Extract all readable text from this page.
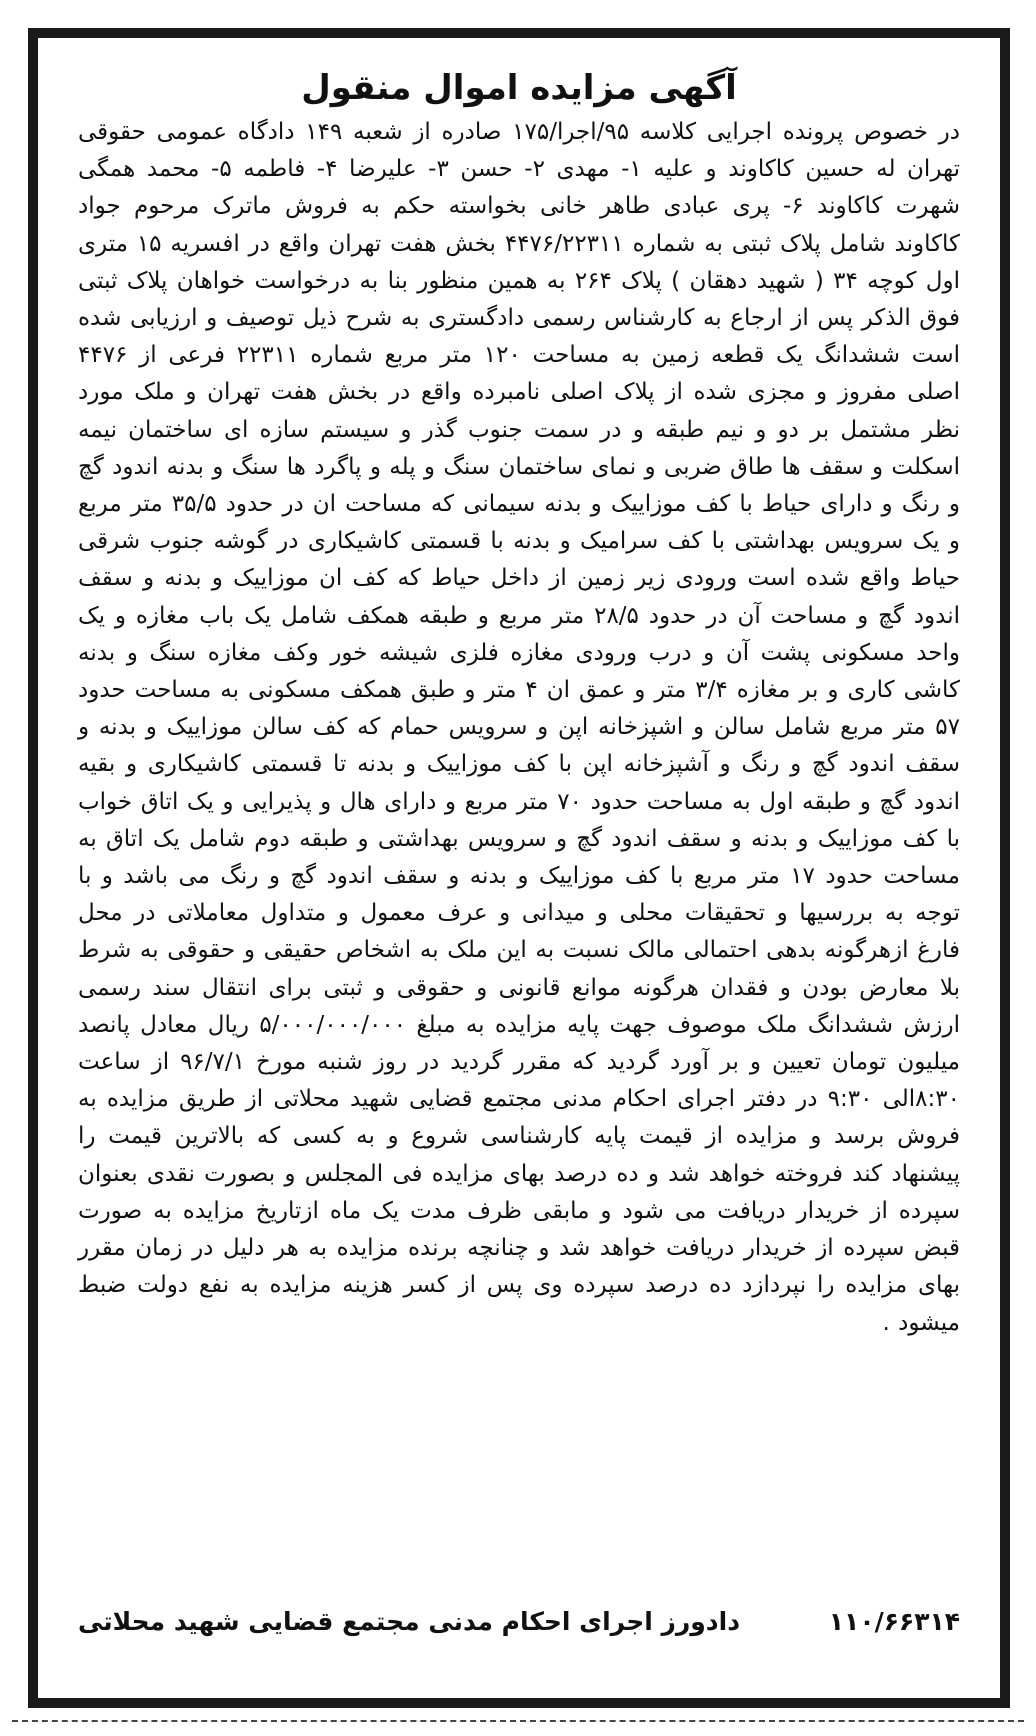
آگهی مزایده اموال منقول

در خصوص پرونده اجرایی کلاسه ۹۵/اجرا/۱۷۵ صادره از شعبه ۱۴۹ دادگاه عمومی حقوقی تهران له حسین کاکاوند و علیه ۱- مهدی ۲- حسن ۳- علیرضا ۴- فاطمه ۵- محمد همگی شهرت کاکاوند ۶- پری عبادی طاهر خانی بخواسته حکم به فروش ماترک مرحوم جواد کاکاوند شامل پلاک ثبتی به شماره ۴۴۷۶/۲۲۳۱۱ بخش هفت تهران واقع در افسریه ۱۵ متری اول کوچه ۳۴ ( شهید دهقان ) پلاک ۲۶۴ به همین منظور بنا به درخواست خواهان پلاک ثبتی فوق الذکر پس از ارجاع به کارشناس رسمی دادگستری به شرح ذیل توصیف و ارزیابی شده است ششدانگ یک قطعه زمین به مساحت ۱۲۰ متر مربع شماره ۲۲۳۱۱ فرعی از ۴۴۷۶ اصلی مفروز و مجزی شده از پلاک اصلی نامبرده واقع در بخش هفت تهران و ملک مورد نظر مشتمل بر دو و نیم طبقه و در سمت جنوب گذر و سیستم سازه ای ساختمان نیمه اسکلت و سقف ها طاق ضربی و نمای ساختمان سنگ و پله و پاگرد ها سنگ و بدنه اندود گچ و رنگ و دارای حیاط با کف موزاییک و بدنه سیمانی که مساحت ان در حدود ۳۵/۵ متر مربع و یک سرویس بهداشتی با کف سرامیک و بدنه با قسمتی کاشیکاری در گوشه جنوب شرقی حیاط واقع شده است ورودی زیر زمین از داخل حیاط که کف ان موزاییک و بدنه و سقف اندود گچ و مساحت آن در حدود ۲۸/۵ متر مربع و طبقه همکف شامل یک باب مغازه و یک واحد مسکونی پشت آن و درب ورودی مغازه فلزی شیشه خور وکف مغازه سنگ و بدنه کاشی کاری و بر مغازه ۳/۴ متر و عمق ان ۴ متر و طبق همکف مسکونی به مساحت حدود ۵۷ متر مربع شامل سالن و اشپزخانه اپن و سرویس حمام که کف سالن موزاییک و بدنه و سقف اندود گچ و رنگ و آشپزخانه اپن با کف موزاییک و بدنه تا قسمتی کاشیکاری و بقیه اندود گچ و طبقه اول به مساحت حدود ۷۰ متر مربع و دارای هال و پذیرایی و یک اتاق خواب با کف موزاییک و بدنه و سقف اندود گچ و سرویس بهداشتی و طبقه دوم شامل یک اتاق به مساحت حدود ۱۷ متر مربع با کف موزاییک و بدنه و سقف اندود گچ و رنگ می باشد و با توجه به بررسیها و تحقیقات محلی و میدانی و عرف معمول و متداول معاملاتی در محل فارغ ازهرگونه بدهی احتمالی مالک نسبت به این ملک به اشخاص حقیقی و حقوقی به شرط بلا معارض بودن و فقدان هرگونه موانع قانونی و حقوقی و ثبتی برای انتقال سند رسمی ارزش ششدانگ ملک موصوف جهت پایه مزایده به مبلغ ۵/۰۰۰/۰۰۰/۰۰۰ ریال معادل پانصد میلیون تومان تعیین و بر آورد گردید که مقرر گردید در روز شنبه مورخ ۹۶/۷/۱ از ساعت ۸:۳۰الی ۹:۳۰ در دفتر اجرای احکام مدنی مجتمع قضایی شهید محلاتی از طریق مزایده به فروش برسد و مزایده از قیمت پایه کارشناسی شروع و به کسی که بالاترین قیمت را پیشنهاد کند فروخته خواهد شد و ده درصد بهای مزایده فی المجلس و بصورت نقدی بعنوان سپرده از خریدار دریافت می شود و مابقی ظرف مدت یک ماه ازتاریخ مزایده به صورت قبض سپرده از خریدار دریافت خواهد شد و چنانچه برنده مزایده به هر دلیل در زمان مقرر بهای مزایده را نپردازد ده درصد سپرده وی پس از کسر هزینه مزایده به نفع دولت ضبط میشود .

۱۱۰/۶۶۳۱۴
دادورز اجرای احکام مدنی مجتمع قضایی شهید محلاتی
